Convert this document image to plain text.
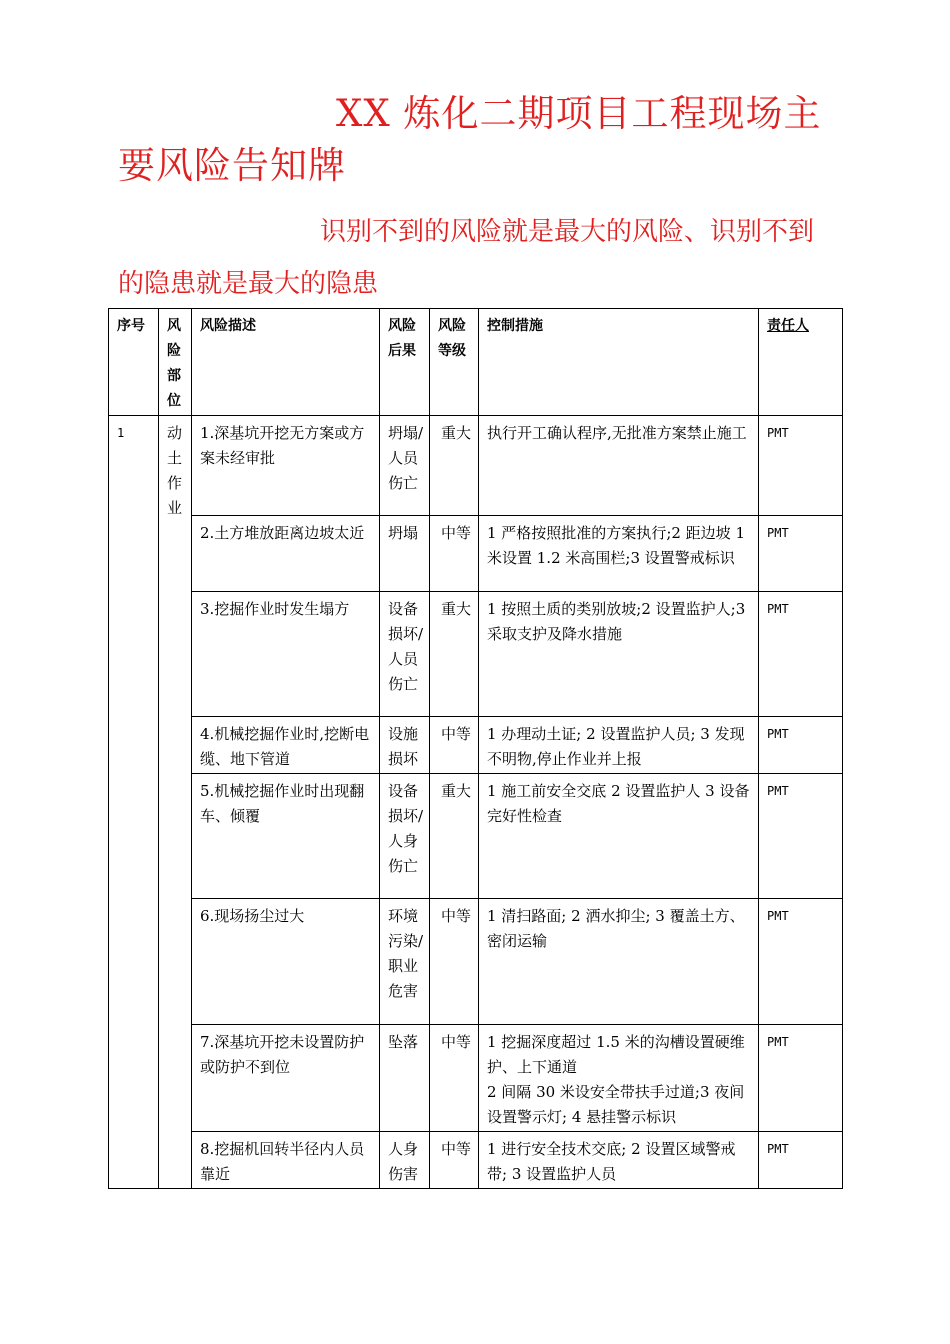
XX 炼化二期项目工程现场主要风险告知牌
识别不到的风险就是最大的风险、识别不到的隐患就是最大的隐患
序号	风险部位	风险描述	风险后果	风险等级	控制措施	责任人
1	动土作业	1.深基坑开挖无方案或方案未经审批	坍塌/人员伤亡	重大	执行开工确认程序,无批准方案禁止施工	PMT
		2.土方堆放距离边坡太近	坍塌	中等	1 严格按照批准的方案执行;2 距边坡 1 米设置 1.2 米高围栏;3 设置警戒标识	PMT
		3.挖掘作业时发生塌方	设备损坏/人员伤亡	重大	1 按照土质的类别放坡;2 设置监护人;3 采取支护及降水措施	PMT
		4.机械挖掘作业时,挖断电缆、地下管道	设施损坏	中等	1 办理动土证; 2 设置监护人员; 3 发现不明物,停止作业并上报	PMT
		5.机械挖掘作业时出现翻车、倾覆	设备损坏/人身伤亡	重大	1 施工前安全交底 2 设置监护人 3 设备完好性检查	PMT
		6.现场扬尘过大	环境污染/职业危害	中等	1 清扫路面; 2 洒水抑尘; 3 覆盖土方、密闭运输	PMT
		7.深基坑开挖未设置防护或防护不到位	坠落	中等	1 挖掘深度超过 1.5 米的沟槽设置硬维护、上下通道
2 间隔 30 米设安全带扶手过道;3 夜间设置警示灯; 4 悬挂警示标识	PMT
		8.挖掘机回转半径内人员靠近	人身伤害	中等	1 进行安全技术交底; 2 设置区域警戒带; 3 设置监护人员	PMT
